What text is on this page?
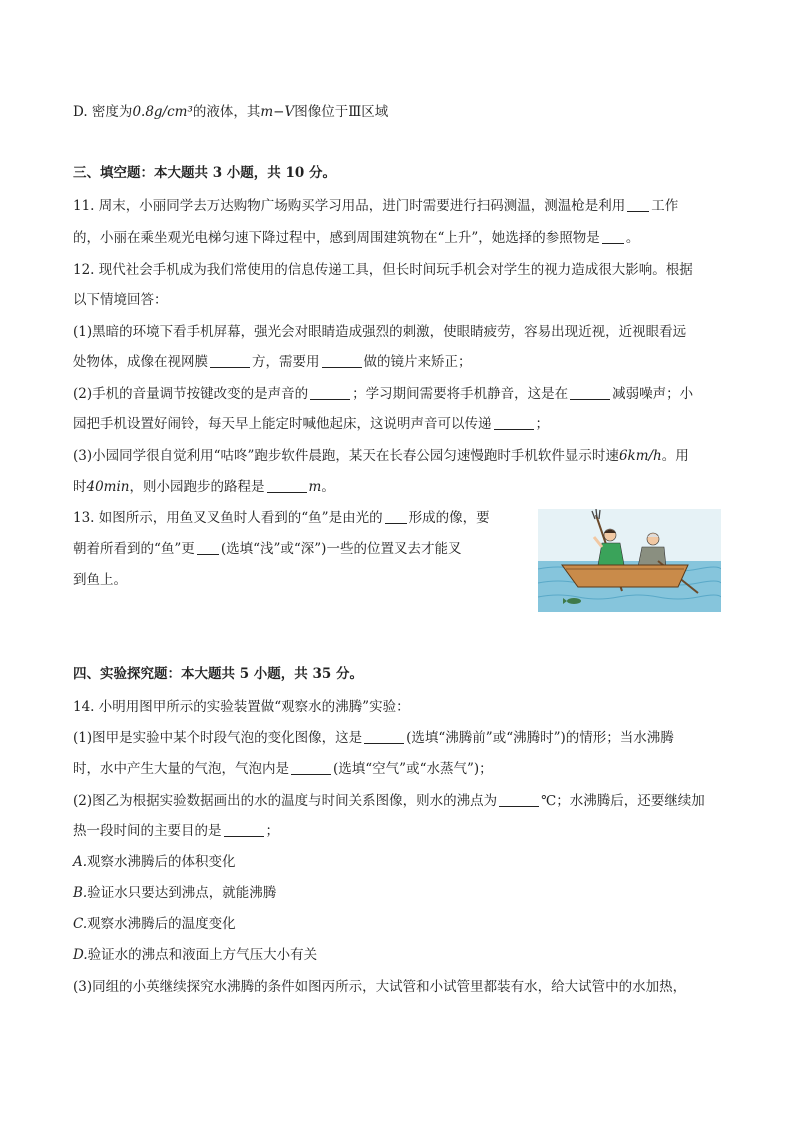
D. 密度为0.8g/cm³的液体，其m−V图像位于Ⅲ区域
三、填空题：本大题共 3 小题，共 10 分。
11. 周末，小丽同学去万达购物广场购买学习用品，进门时需要进行扫码测温，测温枪是利用 工作
的，小丽在乘坐观光电梯匀速下降过程中，感到周围建筑物在“上升”，她选择的参照物是 。
12. 现代社会手机成为我们常使用的信息传递工具，但长时间玩手机会对学生的视力造成很大影响。根据
以下情境回答：
(1)黑暗的环境下看手机屏幕，强光会对眼睛造成强烈的刺激，使眼睛疲劳，容易出现近视，近视眼看远
处物体，成像在视网膜	方，需要用	做的镜片来矫正；
(2)手机的音量调节按键改变的是声音的	；学习期间需要将手机静音，这是在	减弱噪声；小
园把手机设置好闹铃，每天早上能定时喊他起床，这说明声音可以传递	；
(3)小园同学很自觉利用“咕咚”跑步软件晨跑，某天在长春公园匀速慢跑时手机软件显示时速6km/h。用
时40min，则小园跑步的路程是	m。
13. 如图所示，用鱼叉叉鱼时人看到的“鱼”是由光的 形成的像，要
朝着所看到的“鱼”更 (选填“浅”或“深”)一些的位置叉去才能叉
到鱼上。
四、实验探究题：本大题共 5 小题，共 35 分。
14. 小明用图甲所示的实验装置做“观察水的沸腾”实验：
(1)图甲是实验中某个时段气泡的变化图像，这是	(选填“沸腾前”或“沸腾时”)的情形；当水沸腾
时，水中产生大量的气泡，气泡内是	(选填“空气”或“水蒸气”)；
(2)图乙为根据实验数据画出的水的温度与时间关系图像，则水的沸点为	℃；水沸腾后，还要继续加
热一段时间的主要目的是	；
A.观察水沸腾后的体积变化
B.验证水只要达到沸点，就能沸腾
C.观察水沸腾后的温度变化
D.验证水的沸点和液面上方气压大小有关
(3)同组的小英继续探究水沸腾的条件如图丙所示，大试管和小试管里都装有水，给大试管中的水加热，
